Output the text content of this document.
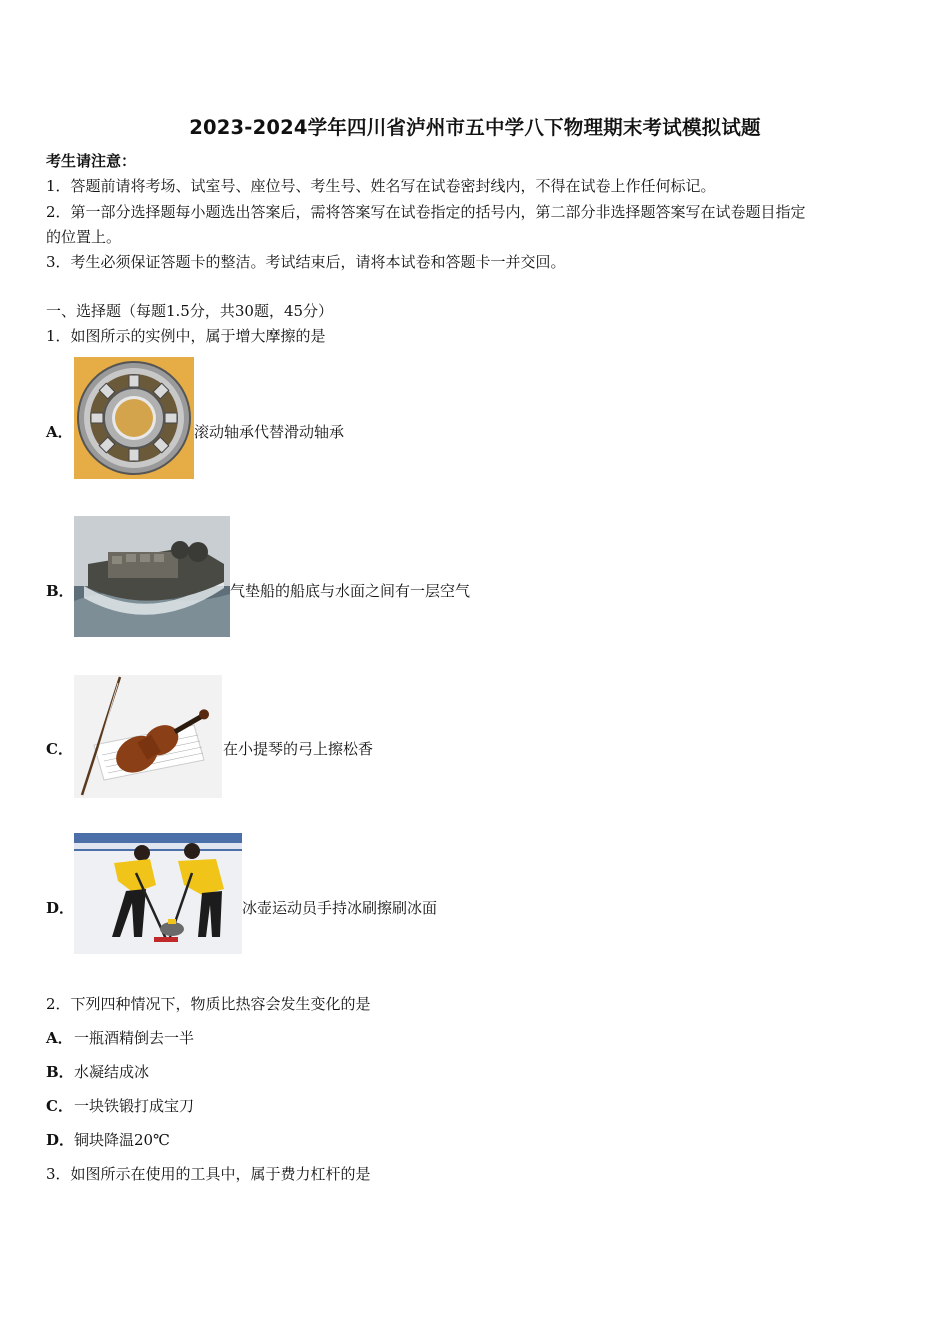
2023-2024学年四川省泸州市五中学八下物理期末考试模拟试题
考生请注意：
1．答题前请将考场、试室号、座位号、考生号、姓名写在试卷密封线内，不得在试卷上作任何标记。
2．第一部分选择题每小题选出答案后，需将答案写在试卷指定的括号内，第二部分非选择题答案写在试卷题目指定
的位置上。
3．考生必须保证答题卡的整洁。考试结束后，请将本试卷和答题卡一并交回。
一、选择题（每题1.5分，共30题，45分）
1．如图所示的实例中，属于增大摩擦的是
A．	滚动轴承代替滑动轴承
B．	气垫船的船底与水面之间有一层空气
C．	在小提琴的弓上擦松香
D．	冰壶运动员手持冰刷擦刷冰面
2．下列四种情况下，物质比热容会发生变化的是
A． 一瓶酒精倒去一半
B． 水凝结成冰
C． 一块铁锻打成宝刀
D． 铜块降温20℃
3．如图所示在使用的工具中，属于费力杠杆的是
